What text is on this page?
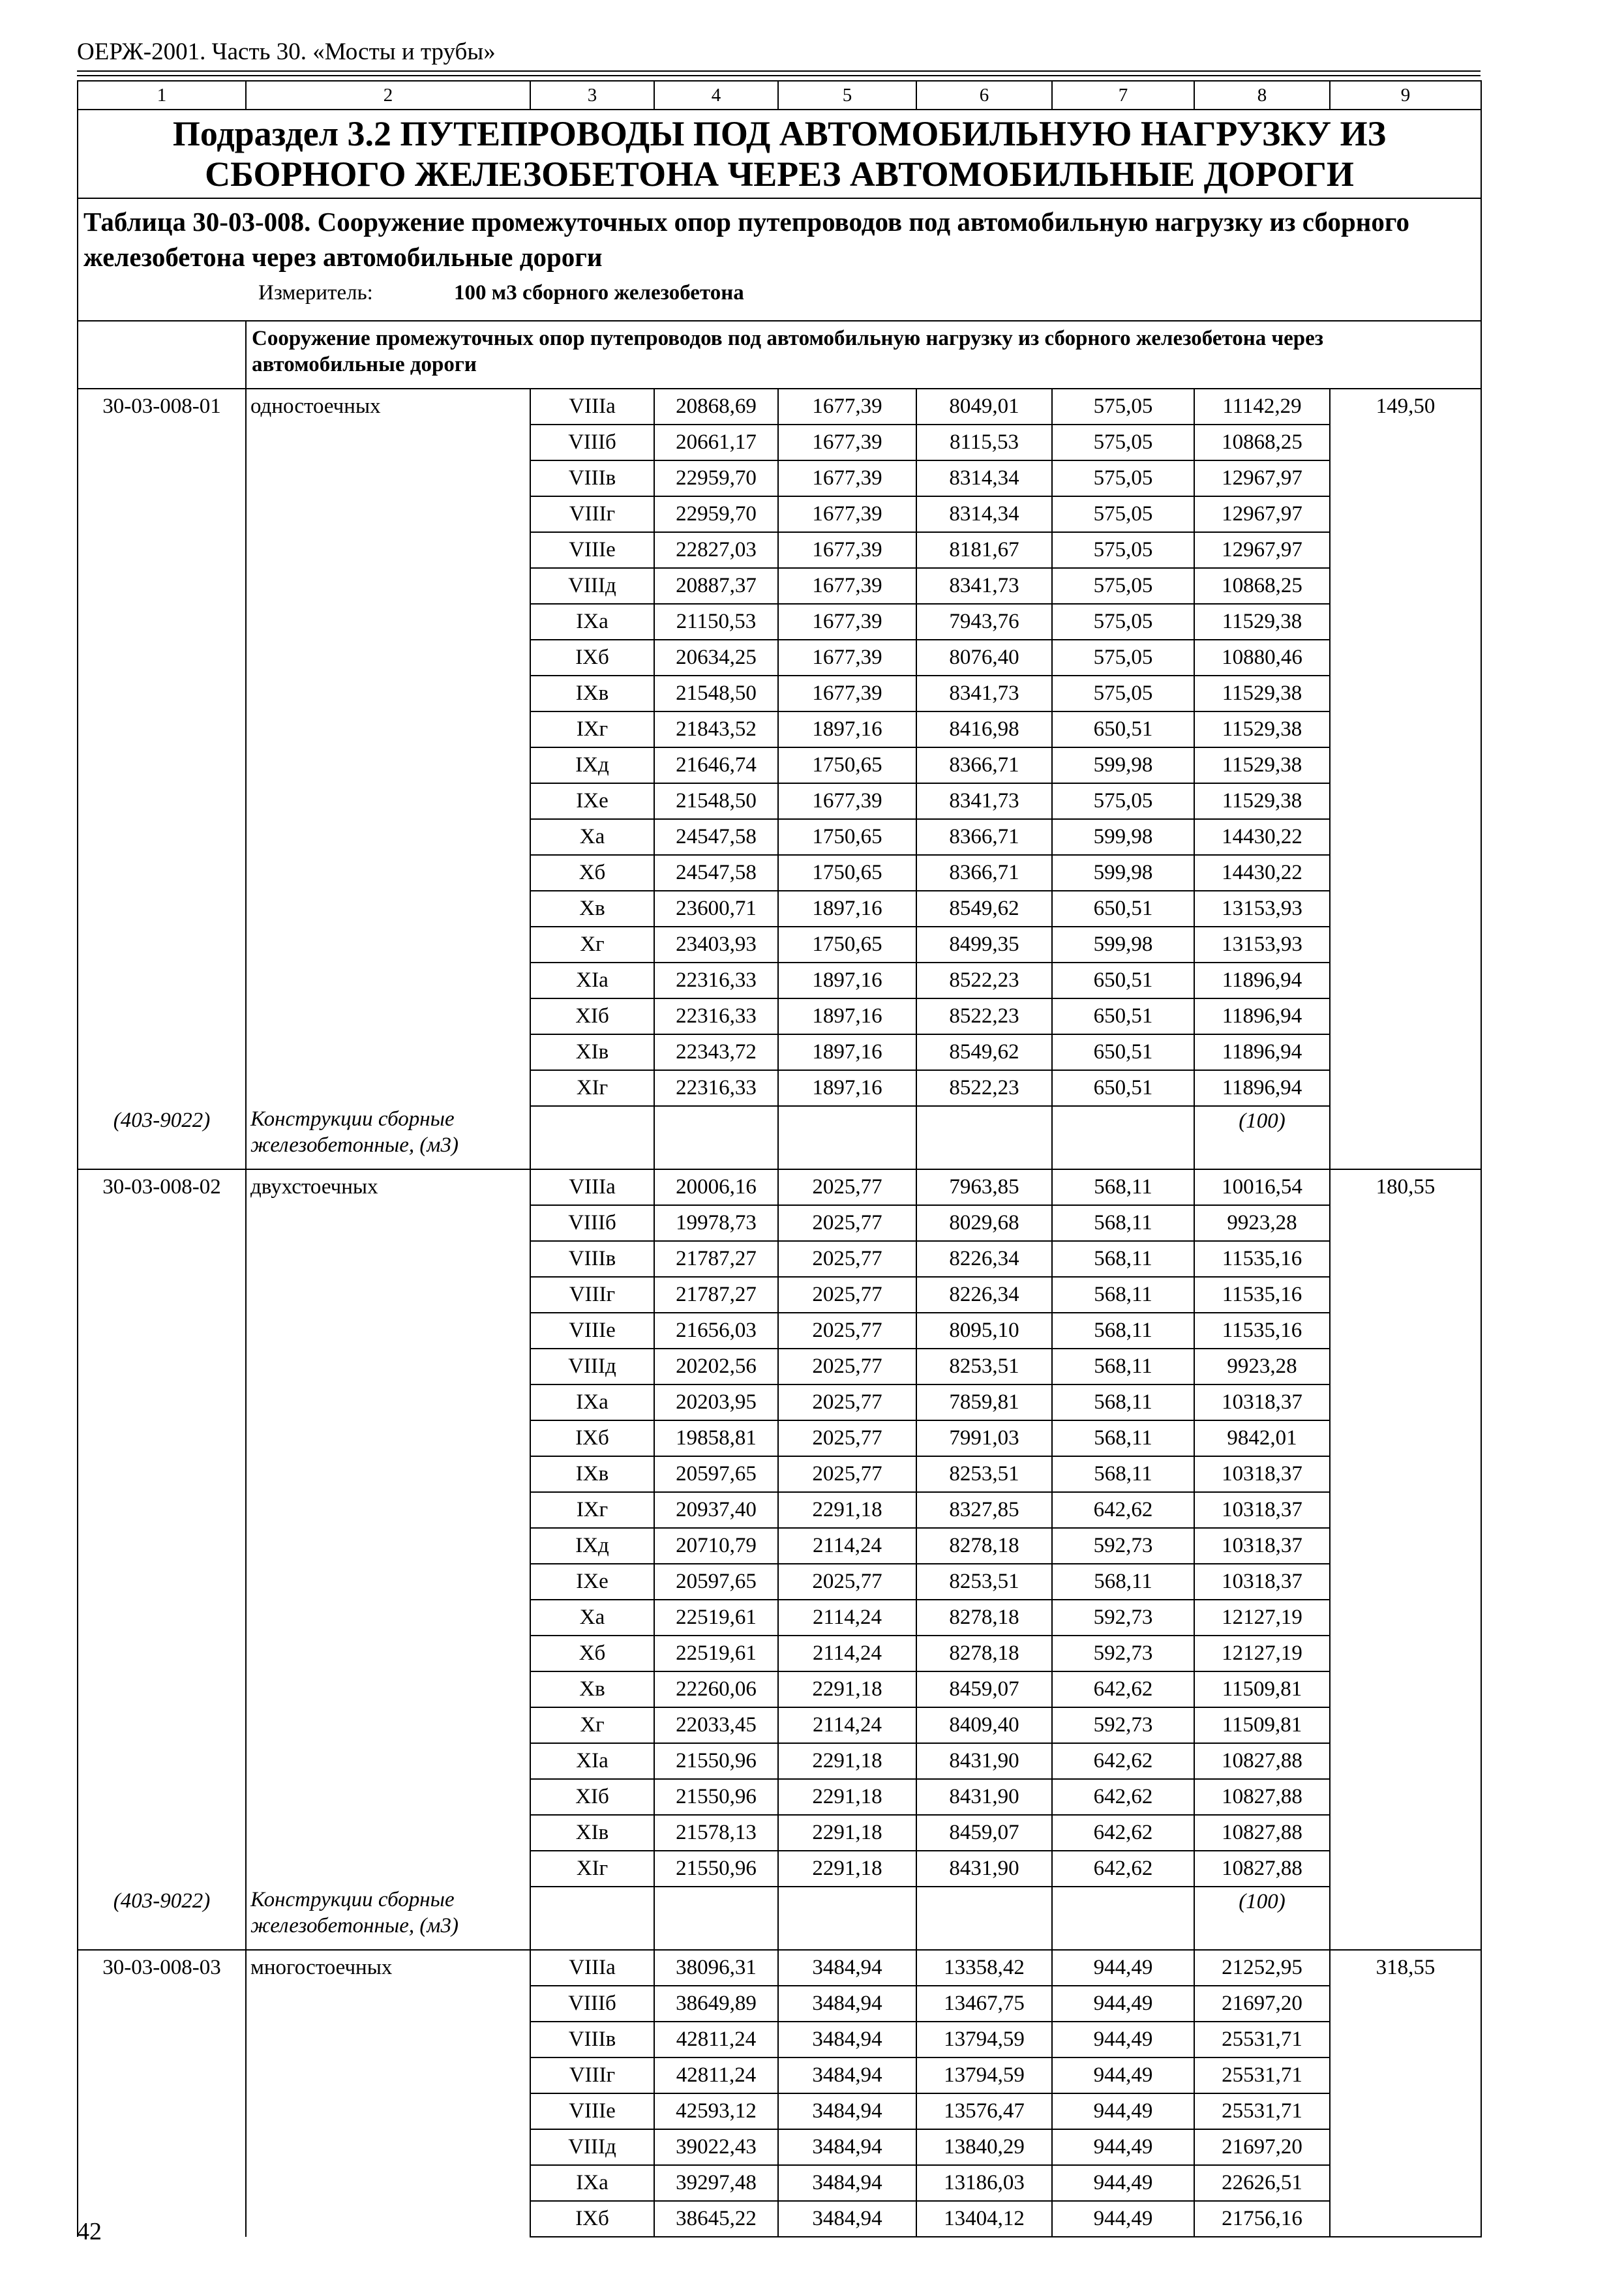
ОЕРЖ-2001. Часть 30. «Мосты и трубы»
1	2	3	4	5	6	7	8	9
Подраздел 3.2 ПУТЕПРОВОДЫ ПОД АВТОМОБИЛЬНУЮ НАГРУЗКУ ИЗ СБОРНОГО ЖЕЛЕЗОБЕТОНА ЧЕРЕЗ АВТОМОБИЛЬНЫЕ ДОРОГИ								

Таблица 30-03-008. Сооружение промежуточных опор путепроводов под автомобильную нагрузку из сборного железобетона через автомобильные дороги
Измеритель: 100 м3 сборного железобетона								

	Сооружение промежуточных опор путепроводов под автомобильную нагрузку из сборного железобетона через автомобильные дороги							
30-03-008-01	одностоечных	VIIIа	20868,69	1677,39	8049,01	575,05	11142,29	149,50
		VIIIб	20661,17	1677,39	8115,53	575,05	10868,25	
		VIIIв	22959,70	1677,39	8314,34	575,05	12967,97	
		VIIIг	22959,70	1677,39	8314,34	575,05	12967,97	
		VIIIе	22827,03	1677,39	8181,67	575,05	12967,97	
		VIIIд	20887,37	1677,39	8341,73	575,05	10868,25	
		IXа	21150,53	1677,39	7943,76	575,05	11529,38	
		IXб	20634,25	1677,39	8076,40	575,05	10880,46	
		IXв	21548,50	1677,39	8341,73	575,05	11529,38	
		IXг	21843,52	1897,16	8416,98	650,51	11529,38	
		IXд	21646,74	1750,65	8366,71	599,98	11529,38	
		IXе	21548,50	1677,39	8341,73	575,05	11529,38	
		Xа	24547,58	1750,65	8366,71	599,98	14430,22	
		Xб	24547,58	1750,65	8366,71	599,98	14430,22	
		Xв	23600,71	1897,16	8549,62	650,51	13153,93	
		Xг	23403,93	1750,65	8499,35	599,98	13153,93	
		XIа	22316,33	1897,16	8522,23	650,51	11896,94	
		XIб	22316,33	1897,16	8522,23	650,51	11896,94	
		XIв	22343,72	1897,16	8549,62	650,51	11896,94	
		XIг	22316,33	1897,16	8522,23	650,51	11896,94	
(403-9022)	Конструкции сборные железобетонные, (м3)						(100)	
30-03-008-02	двухстоечных	VIIIа	20006,16	2025,77	7963,85	568,11	10016,54	180,55
		VIIIб	19978,73	2025,77	8029,68	568,11	9923,28	
		VIIIв	21787,27	2025,77	8226,34	568,11	11535,16	
		VIIIг	21787,27	2025,77	8226,34	568,11	11535,16	
		VIIIе	21656,03	2025,77	8095,10	568,11	11535,16	
		VIIIд	20202,56	2025,77	8253,51	568,11	9923,28	
		IXа	20203,95	2025,77	7859,81	568,11	10318,37	
		IXб	19858,81	2025,77	7991,03	568,11	9842,01	
		IXв	20597,65	2025,77	8253,51	568,11	10318,37	
		IXг	20937,40	2291,18	8327,85	642,62	10318,37	
		IXд	20710,79	2114,24	8278,18	592,73	10318,37	
		IXе	20597,65	2025,77	8253,51	568,11	10318,37	
		Xа	22519,61	2114,24	8278,18	592,73	12127,19	
		Xб	22519,61	2114,24	8278,18	592,73	12127,19	
		Xв	22260,06	2291,18	8459,07	642,62	11509,81	
		Xг	22033,45	2114,24	8409,40	592,73	11509,81	
		XIа	21550,96	2291,18	8431,90	642,62	10827,88	
		XIб	21550,96	2291,18	8431,90	642,62	10827,88	
		XIв	21578,13	2291,18	8459,07	642,62	10827,88	
		XIг	21550,96	2291,18	8431,90	642,62	10827,88	
(403-9022)	Конструкции сборные железобетонные, (м3)						(100)	
30-03-008-03	многостоечных	VIIIа	38096,31	3484,94	13358,42	944,49	21252,95	318,55
		VIIIб	38649,89	3484,94	13467,75	944,49	21697,20	
		VIIIв	42811,24	3484,94	13794,59	944,49	25531,71	
		VIIIг	42811,24	3484,94	13794,59	944,49	25531,71	
		VIIIе	42593,12	3484,94	13576,47	944,49	25531,71	
		VIIIд	39022,43	3484,94	13840,29	944,49	21697,20	
		IXа	39297,48	3484,94	13186,03	944,49	22626,51	
		IXб	38645,22	3484,94	13404,12	944,49	21756,16	
42
